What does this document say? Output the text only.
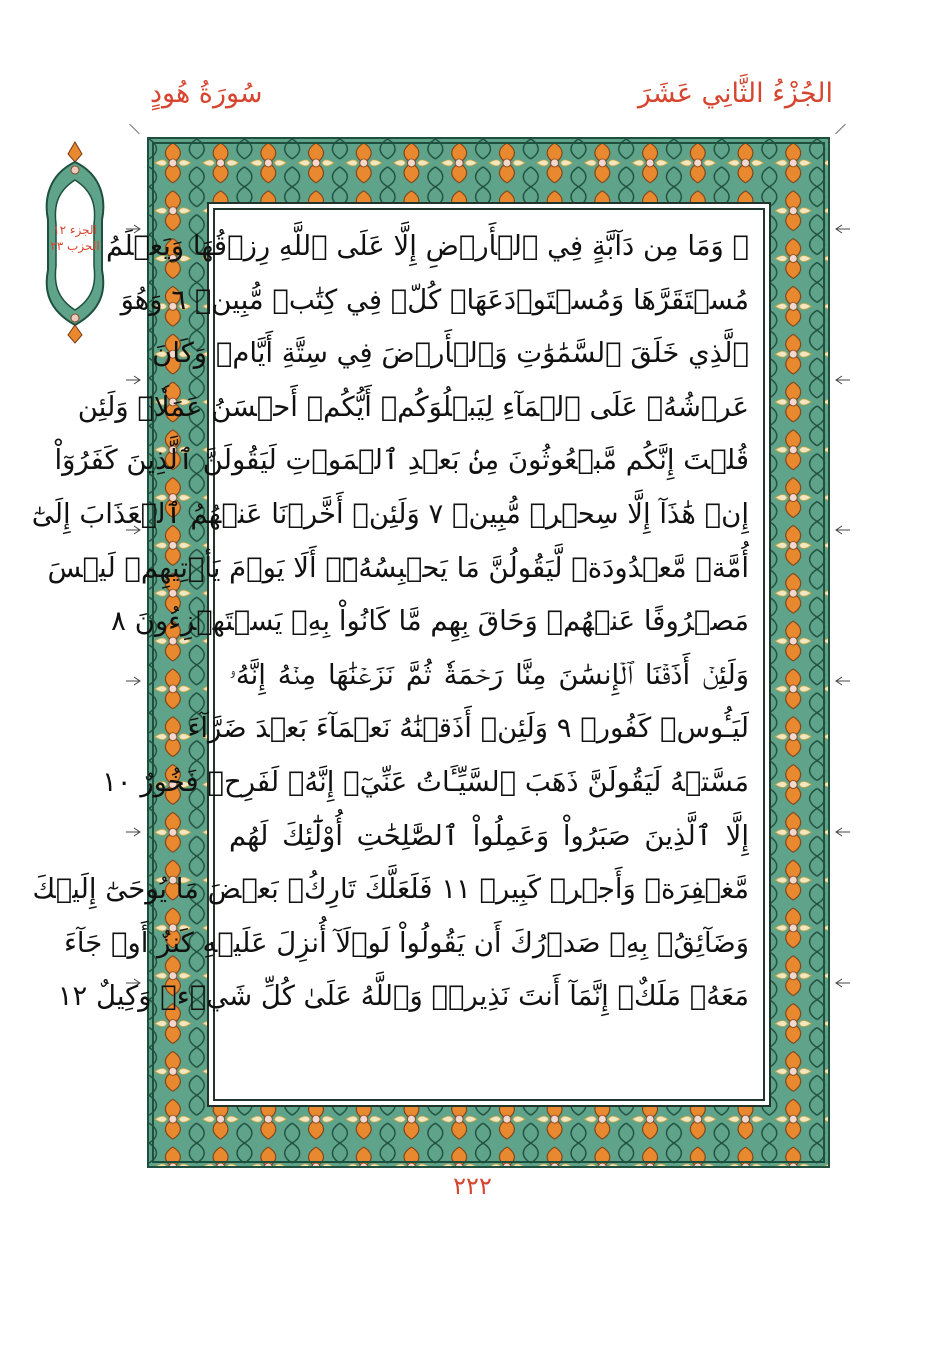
الجُزْءُ الثَّانِي عَشَرَ
سُورَةُ هُودٍ
الجزء ١٢
الحزب ٢٣ ۞ وَمَا مِن دَآبَّةٍ فِي ٱلۡأَرۡضِ إِلَّا عَلَى ٱللَّهِ رِزۡقُهَا وَيَعۡلَمُ
مُسۡتَقَرَّهَا وَمُسۡتَوۡدَعَهَاۚ كُلّٞ فِي كِتَٰبٖ مُّبِينٖ ٦ وَهُوَ
ٱلَّذِي خَلَقَ ٱلسَّمَٰوَٰتِ وَٱلۡأَرۡضَ فِي سِتَّةِ أَيَّامٖ وَكَانَ
عَرۡشُهُۥ عَلَى ٱلۡمَآءِ لِيَبۡلُوَكُمۡ أَيُّكُمۡ أَحۡسَنُ عَمَلٗاۗ وَلَئِن
قُلۡتَ إِنَّكُم مَّبۡعُوثُونَ مِنۢ بَعۡدِ ٱلۡمَوۡتِ لَيَقُولَنَّ ٱلَّذِينَ كَفَرُوٓاْ
إِنۡ هَٰذَآ إِلَّا سِحۡرٞ مُّبِينٞ ٧ وَلَئِنۡ أَخَّرۡنَا عَنۡهُمُ ٱلۡعَذَابَ إِلَىٰٓ
أُمَّةٖ مَّعۡدُودَةٖ لَّيَقُولُنَّ مَا يَحۡبِسُهُۥٓۗ أَلَا يَوۡمَ يَأۡتِيهِمۡ لَيۡسَ
مَصۡرُوفًا عَنۡهُمۡ وَحَاقَ بِهِم مَّا كَانُواْ بِهِۦ يَسۡتَهۡزِءُونَ ٨
وَلَئِنۡ أَذَقۡنَا ٱلۡإِنسَٰنَ مِنَّا رَحۡمَةٗ ثُمَّ نَزَعۡنَٰهَا مِنۡهُ إِنَّهُۥ
لَيَـُٔوسٞ كَفُورٞ ٩ وَلَئِنۡ أَذَقۡنَٰهُ نَعۡمَآءَ بَعۡدَ ضَرَّآءَ
مَسَّتۡهُ لَيَقُولَنَّ ذَهَبَ ٱلسَّيِّـَٔاتُ عَنِّيٓۚ إِنَّهُۥ لَفَرِحٞ فَخُورٌ ١٠
إِلَّا ٱلَّذِينَ صَبَرُواْ وَعَمِلُواْ ٱلصَّٰلِحَٰتِ أُوْلَٰٓئِكَ لَهُم
مَّغۡفِرَةٞ وَأَجۡرٞ كَبِيرٞ ١١ فَلَعَلَّكَ تَارِكُۢ بَعۡضَ مَا يُوحَىٰٓ إِلَيۡكَ
وَضَآئِقُۢ بِهِۦ صَدۡرُكَ أَن يَقُولُواْ لَوۡلَآ أُنزِلَ عَلَيۡهِ كَنزٌ أَوۡ جَآءَ
مَعَهُۥ مَلَكٌۚ إِنَّمَآ أَنتَ نَذِيرٞۚ وَٱللَّهُ عَلَىٰ كُلِّ شَيۡءٖ وَكِيلٌ ١٢
٢٢٢
